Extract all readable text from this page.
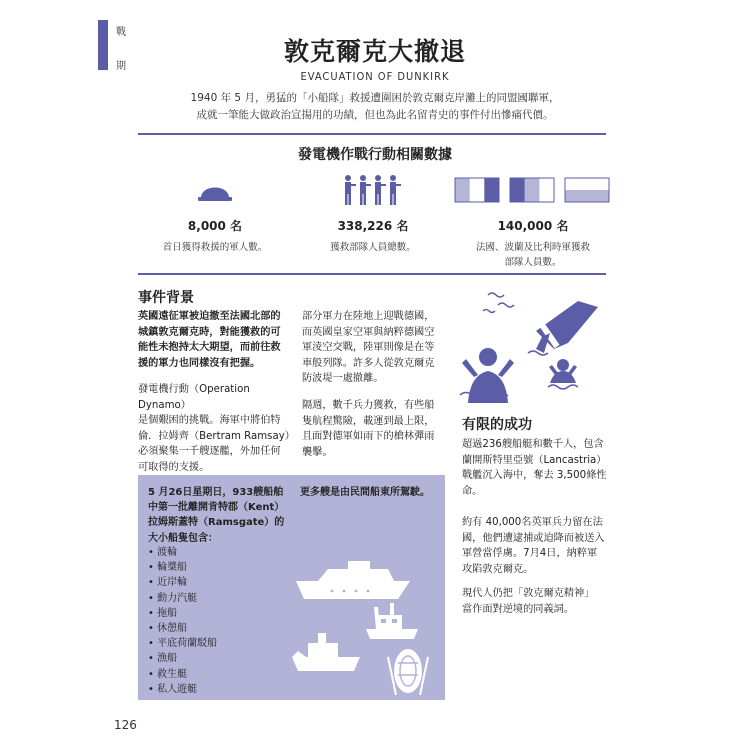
戰
期
敦克爾克大撤退
EVACUATION OF DUNKIRK
1940 年 5 月，勇猛的「小船隊」救援遭圍困於敦克爾克岸灘上的同盟國聯軍，
成就一筆能大做政治宣揚用的功績，但也為此名留青史的事件付出慘痛代價。
發電機作戰行動相關數據
8,000 名
首日獲得救援的軍人數。
338,226 名
獲救部隊人員總數。
140,000 名
法國、波蘭及比利時軍獲救
部隊人員數。
事件背景
英國遠征軍被迫撤至法國北部的
城鎮敦克爾克時，對能獲救的可
能性未抱持太大期望，而前往救
援的軍力也同樣沒有把握。
發電機行動（Operation Dynamo）
是個艱困的挑戰。海軍中將伯特
倫．拉姆齊（Bertram Ramsay）
必須聚集一千艘逐艦，外加任何
可取得的支援。
部分軍力在陸地上迎戰德國，
而英國皇家空軍與納粹德國空
軍淩空交戰，陸軍則像是在等
車般列隊。許多人從敦克爾克
防波堤一處撤離。
隔週，數千兵力獲救，有些船
隻航程驚險，載運到最上限，
且面對德軍如雨下的槍林彈雨
襲擊。
有限的成功
超過236艘船艇和數千人，包含
蘭開斯特里亞號（Lancastria）
戰艦沉入海中，奪去 3,500條性
命。
約有 40,000名英軍兵力留在法
國，他們遭逮捕或迫降而被送入
軍營當俘虜。7月4日，納粹軍
攻陷敦克爾克。
現代人仍把「敦克爾克精神」
當作面對逆境的同義詞。
5 月26日星期日，933艘船舶
中第一批離開肯特郡（Kent）
拉姆斯蓋特（Ramsgate）的
大小船隻包含：
• 渡輪
• 輪槳船
• 近岸輪
• 動力汽艇
• 拖船
• 休憩船
• 平底荷蘭駁船
• 漁船
• 救生艇
• 私人遊艇
更多艘是由民間船東所駕駛。
126
